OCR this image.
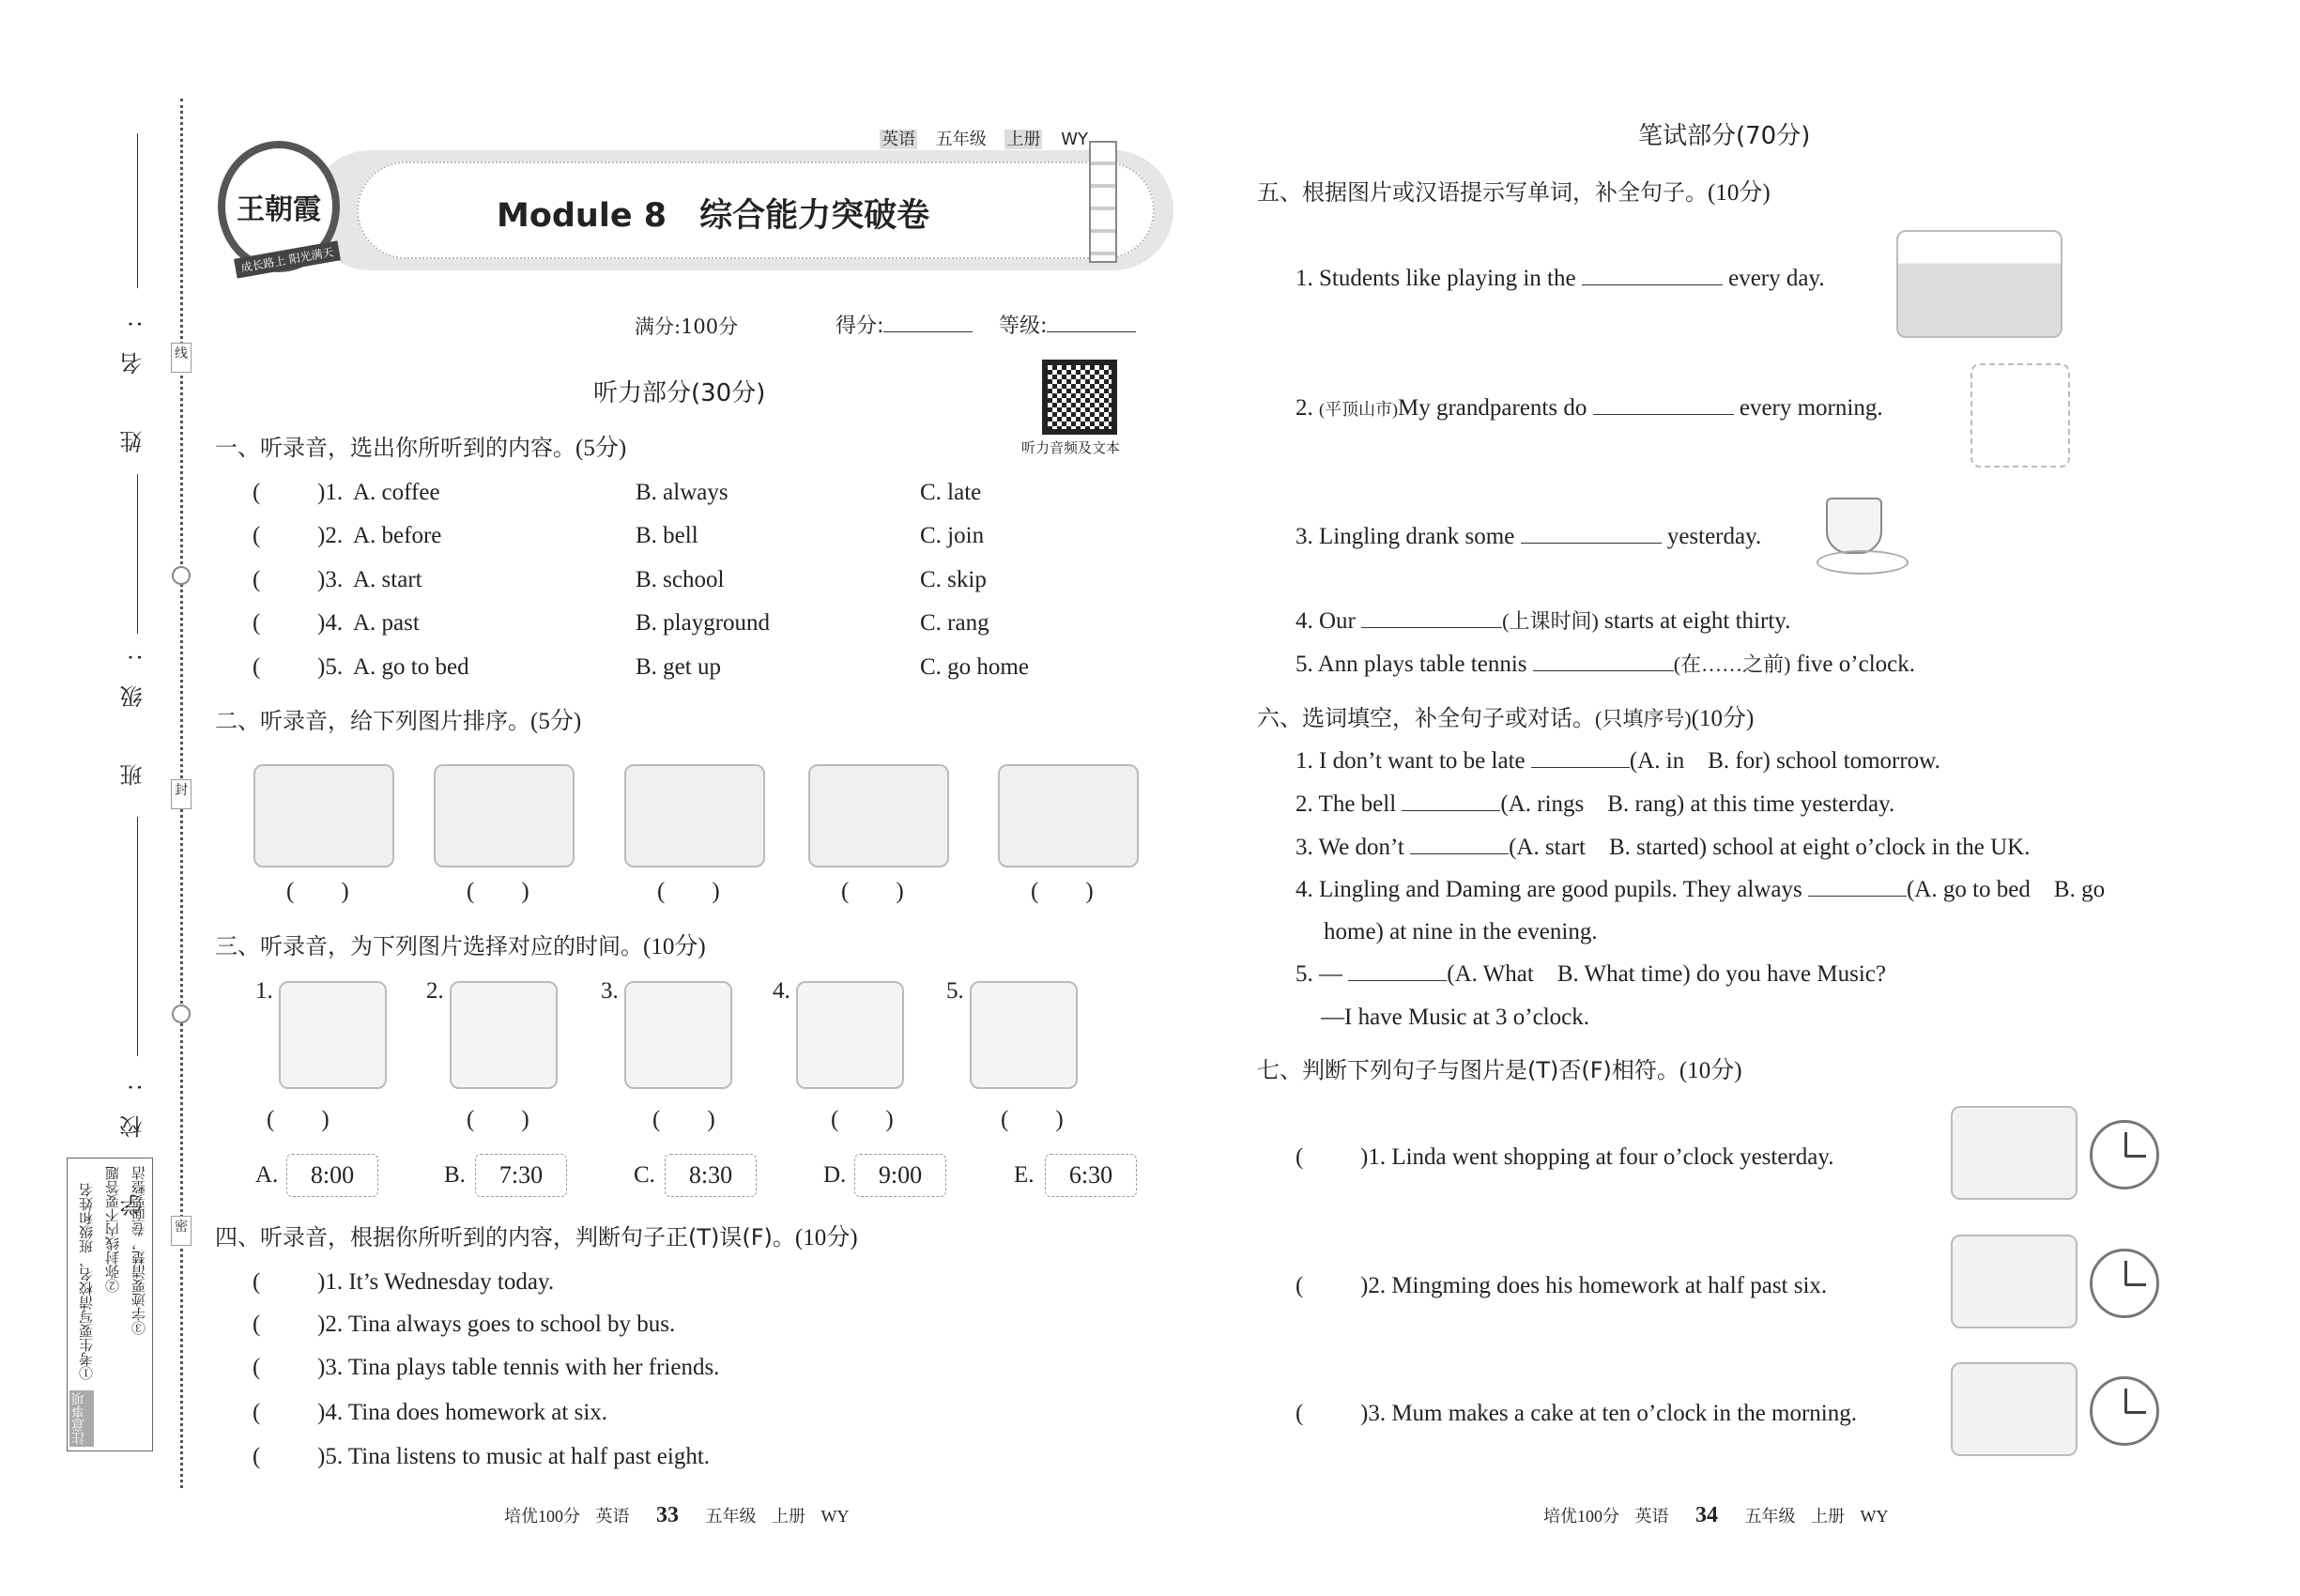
线
封
密
姓 名:
班 级:
学 校:
注意事项
①考生要写清校名、班级和姓名 ②弥封线内不要答题 ③字迹要清楚，卷面要整洁
王朝霞
成长路上 阳光满天
英语 五年级 上册 WY
Module 8　综合能力突破卷
满分:100分	得分:	等级:
听力部分(30分)
听力音频及文本
一、听录音，选出你所听到的内容。(5分)
( )1. A. coffee	B. always	C. late
( )2. A. before	B. bell	C. join
( )3. A. start	B. school	C. skip
( )4. A. past	B. playground	C. rang
( )5. A. go to bed	B. get up	C. go home
二、听录音，给下列图片排序。(5分)
(　　)	(　　)	(　　)	(　　)	(　　)
三、听录音，为下列图片选择对应的时间。(10分)
1.
(　　)
A.	8:00
2.
(　　)
B.	7:30
3.
(　　)
C.	8:30
4.
(　　)
D.	9:00
5.
(　　)
E.	6:30
四、听录音，根据你所听到的内容，判断句子正(T)误(F)。(10分)
( )1. It’s Wednesday today.
( )2. Tina always goes to school by bus.
( )3. Tina plays table tennis with her friends.
( )4. Tina does homework at six.
( )5. Tina listens to music at half past eight.
笔试部分(70分)
五、根据图片或汉语提示写单词，补全句子。(10分)
1. Students like playing in the	every day.
2. (平顶山市)My grandparents do	every morning.
3. Lingling drank some	yesterday.
4. Our	(上课时间) starts at eight thirty.
5. Ann plays table tennis	(在……之前) five o’clock.
六、选词填空，补全句子或对话。(只填序号)(10分)
1. I don’t want to be late	(A. in　B. for) school tomorrow.
2. The bell	(A. rings　B. rang) at this time yesterday.
3. We don’t	(A. start　B. started) school at eight o’clock in the UK.
4. Lingling and Daming are good pupils. They always	(A. go to bed　B. go
5. —	(A. What　B. What time) do you have Music?
home) at nine in the evening.
—I have Music at 3 o’clock.
七、判断下列句子与图片是(T)否(F)相符。(10分)
( )1. Linda went shopping at four o’clock yesterday.
( )2. Mingming does his homework at half past six.
( )3. Mum makes a cake at ten o’clock in the morning.
培优100分 英语 33 五年级 上册 WY	培优100分 英语 34 五年级 上册 WY
